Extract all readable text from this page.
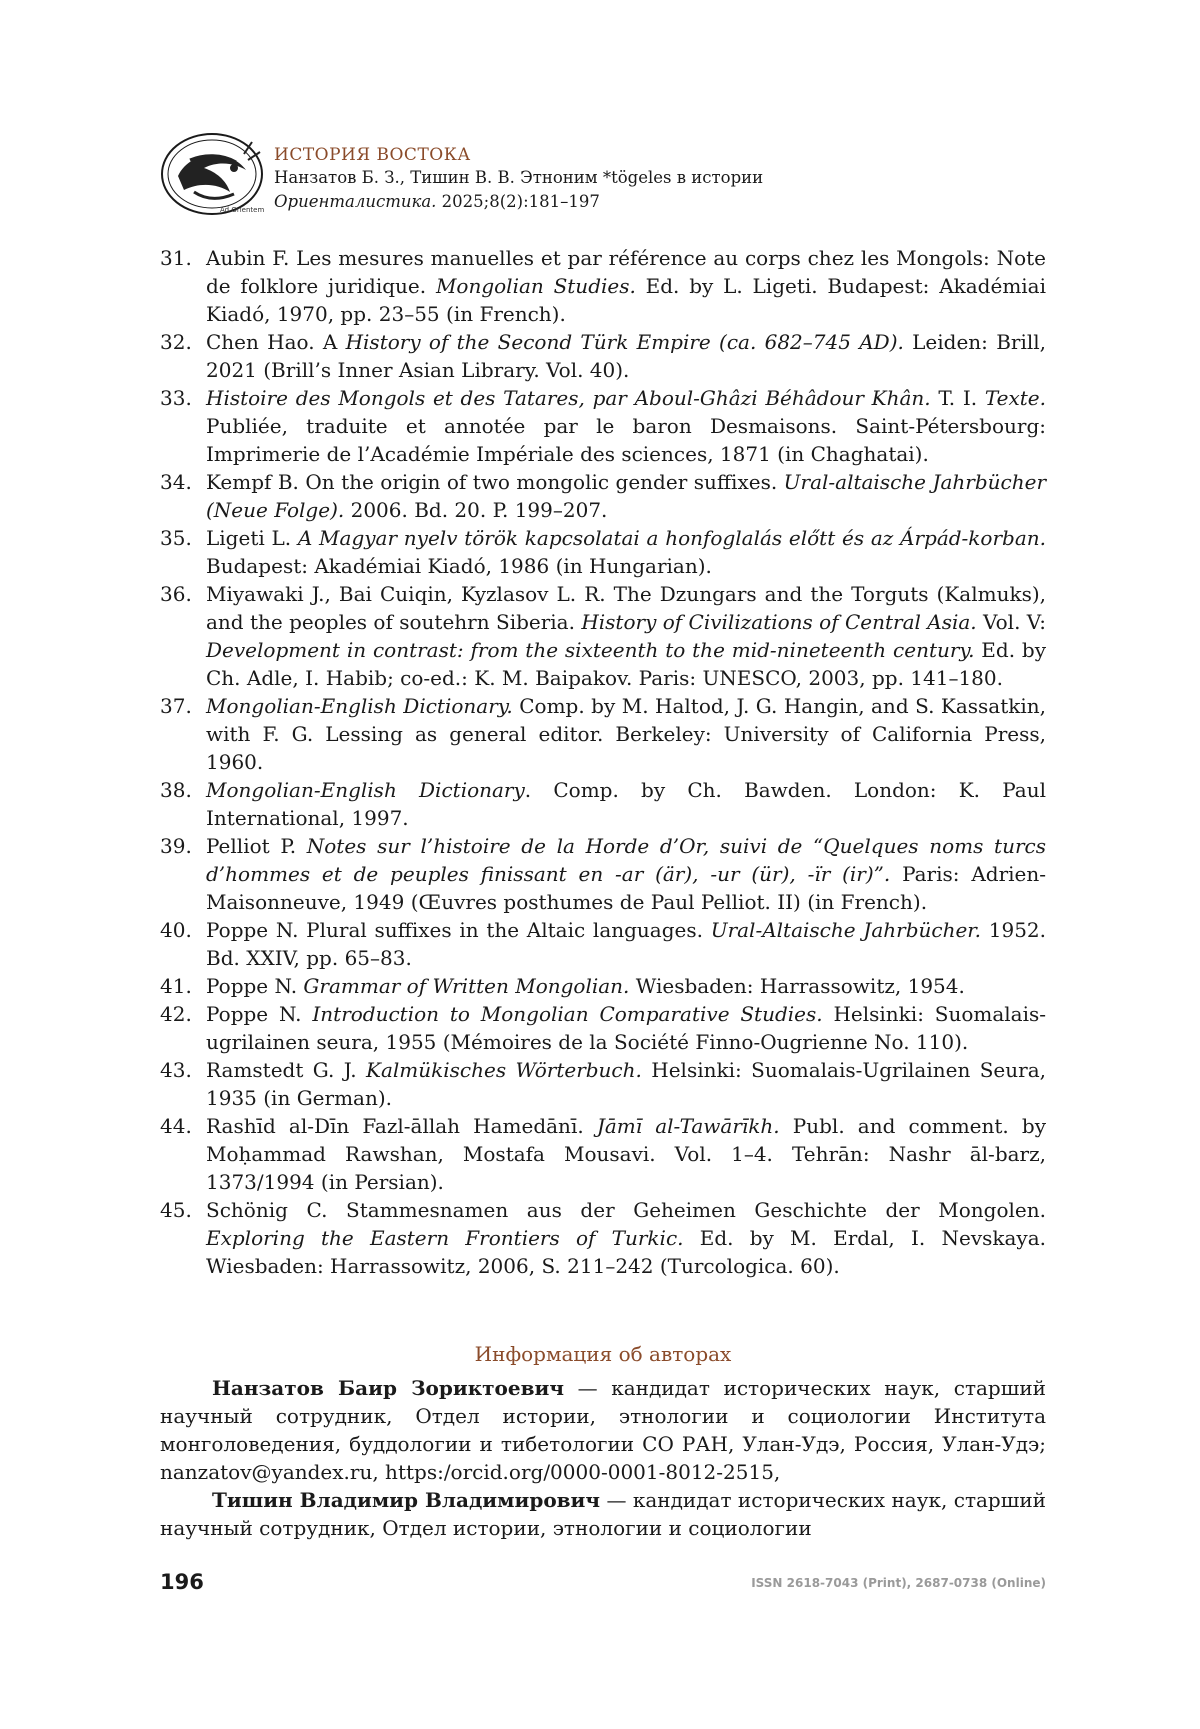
Ad Orientem
ИСТОРИЯ ВОСТОКА
Нанзатов Б. З., Тишин В. В. Этноним *tögeles в истории
Ориенталистика. 2025;8(2):181–197
31. Aubin F. Les mesures manuelles et par référence au corps chez les Mongols: Note de folklore juridique. Mongolian Studies. Ed. by L. Ligeti. Budapest: Akadémiai Kiadó, 1970, pp. 23–55 (in French).
32. Chen Hao. A History of the Second Türk Empire (ca. 682–745 AD). Leiden: Brill, 2021 (Brill’s Inner Asian Library. Vol. 40).
33. Histoire des Mongols et des Tatares, par Aboul-Ghâzi Béhâdour Khân. T. I. Texte. Publiée, traduite et annotée par le baron Desmaisons. Saint-Pétersbourg: Imprimerie de l’Académie Impériale des sciences, 1871 (in Chaghatai).
34. Kempf B. On the origin of two mongolic gender suffixes. Ural-altaische Jahrbücher (Neue Folge). 2006. Bd. 20. P. 199–207.
35. Ligeti L. A Magyar nyelv török kapcsolatai a honfoglalás előtt és az Árpád-korban. Budapest: Akadémiai Kiadó, 1986 (in Hungarian).
36. Miyawaki J., Bai Cuiqin, Kyzlasov L. R. The Dzungars and the Torguts (Kalmuks), and the peoples of soutehrn Siberia. History of Civilizations of Central Asia. Vol. V: Development in contrast: from the sixteenth to the mid-nineteenth century. Ed. by Ch. Adle, I. Habib; co-ed.: K. M. Baipakov. Paris: UNESCO, 2003, pp. 141–180.
37. Mongolian-English Dictionary. Comp. by M. Haltod, J. G. Hangin, and S. Kassatkin, with F. G. Lessing as general editor. Berkeley: University of California Press, 1960.
38. Mongolian-English Dictionary. Comp. by Ch. Bawden. London: K. Paul International, 1997.
39. Pelliot P. Notes sur l’histoire de la Horde d’Or, suivi de “Quelques noms turcs d’hommes et de peuples finissant en -ar (är), -ur (ür), -ïr (ir)”. Paris: Adrien-Maisonneuve, 1949 (Œuvres posthumes de Paul Pelliot. II) (in French).
40. Poppe N. Plural suffixes in the Altaic languages. Ural-Altaische Jahrbücher. 1952. Bd. XXIV, pp. 65–83.
41. Poppe N. Grammar of Written Mongolian. Wiesbaden: Harrassowitz, 1954.
42. Poppe N. Introduction to Mongolian Comparative Studies. Helsinki: Suomalais-ugrilainen seura, 1955 (Mémoires de la Société Finno-Ougrienne No. 110).
43. Ramstedt G. J. Kalmükisches Wörterbuch. Helsinki: Suomalais-Ugrilainen Seura, 1935 (in German).
44. Rashīd al-Dīn Fazl-āllah Hamedānī. Jāmī al-Tawārīkh. Publ. and comment. by Moḥammad Rawshan, Mostafa Mousavi. Vol. 1–4. Tehrān: Nashr āl-barz, 1373/1994 (in Persian).
45. Schönig C. Stammesnamen aus der Geheimen Geschichte der Mongolen. Exploring the Eastern Frontiers of Turkic. Ed. by M. Erdal, I. Nevskaya. Wiesbaden: Harrassowitz, 2006, S. 211–242 (Turcologica. 60).
Информация об авторах

Нанзатов Баир Зориктоевич — кандидат исторических наук, старший научный сотрудник, Отдел истории, этнологии и социологии Института монголоведения, буддологии и тибетологии СО РАН, Улан-Удэ, Россия, Улан-Удэ; nanzatov@yandex.ru, https:/orcid.org/0000-0001-8012-2515,

Тишин Владимир Владимирович — кандидат исторических наук, старший научный сотрудник, Отдел истории, этнологии и социологии

196	ISSN 2618-7043 (Print), 2687-0738 (Online)
